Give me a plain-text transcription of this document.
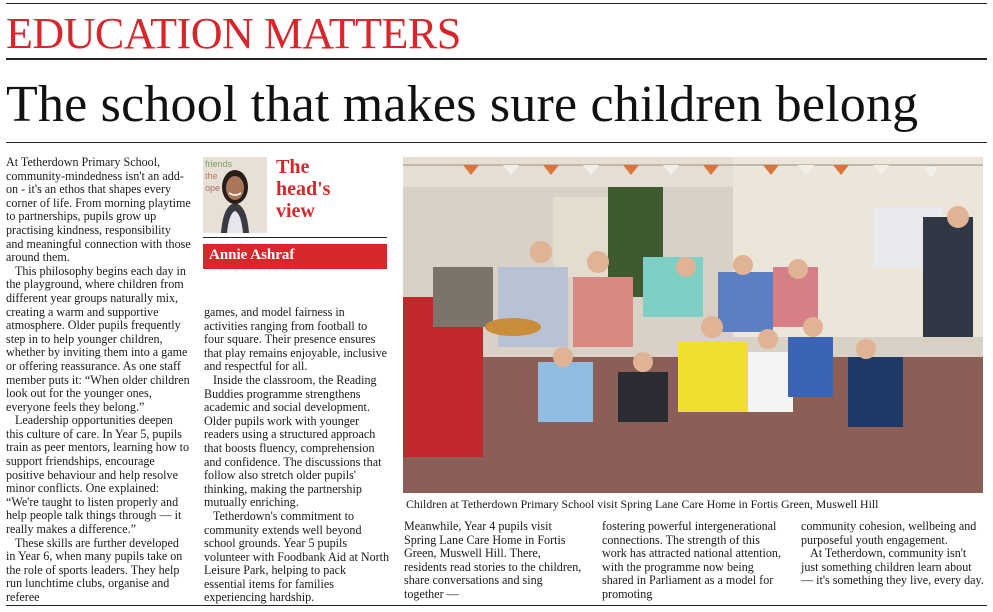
EDUCATION MATTERS
The school that makes sure children belong

At Tetherdown Primary School, community-mindedness isn't an add-on - it's an ethos that shapes every corner of life. From morning playtime to partnerships, pupils grow up practising kindness, responsibility and meaningful connection with those around them.

This philosophy begins each day in the playground, where children from different year groups naturally mix, creating a warm and supportive atmosphere. Older pupils frequently step in to help younger children, whether by inviting them into a game or offering reassurance. As one staff member puts it: “When older children look out for the younger ones, everyone feels they belong.”

Leadership opportunities deepen this culture of care. In Year 5, pupils train as peer mentors, learning how to support friendships, encourage positive behaviour and help resolve minor conflicts. One explained: “We're taught to listen properly and help people talk things through — it really makes a difference.”

These skills are further developed in Year 6, when many pupils take on the role of sports leaders. They help run lunchtime clubs, organise and referee

friends
the
ope
The
head's
view
Annie Ashraf

games, and model fairness in activities ranging from football to four square. Their presence ensures that play remains enjoyable, inclusive and respectful for all.

Inside the classroom, the Reading Buddies programme strengthens academic and social development. Older pupils work with younger readers using a structured approach that boosts fluency, comprehension and confidence. The discussions that follow also stretch older pupils' thinking, making the partnership mutually enriching.

Tetherdown's commitment to community extends well beyond school grounds. Year 5 pupils volunteer with Foodbank Aid at North Leisure Park, helping to pack essential items for families experiencing hardship.

Children at Tetherdown Primary School visit Spring Lane Care Home in Fortis Green, Muswell Hill

Meanwhile, Year 4 pupils visit Spring Lane Care Home in Fortis Green, Muswell Hill. There, residents read stories to the children, share conversations and sing together —

fostering powerful intergenerational connections. The strength of this work has attracted national attention, with the programme now being shared in Parliament as a model for promoting

community cohesion, wellbeing and purposeful youth engagement.

At Tetherdown, community isn't just something children learn about — it's something they live, every day.
